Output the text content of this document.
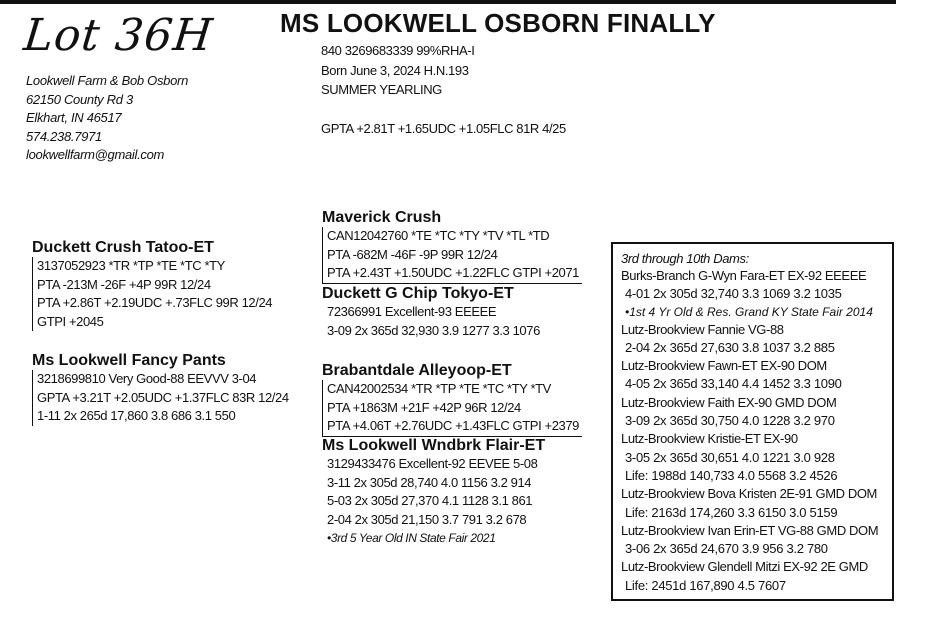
Lot 36H
Lookwell Farm & Bob Osborn
62150 County Rd 3
Elkhart, IN 46517
574.238.7971
lookwellfarm@gmail.com
MS LOOKWELL OSBORN FINALLY
840 3269683339 99%RHA-I
Born June 3, 2024 H.N.193
SUMMER YEARLING
GPTA +2.81T +1.65UDC +1.05FLC 81R 4/25
Duckett Crush Tatoo-ET
3137052923 *TR *TP *TE *TC *TY
PTA -213M -26F +4P 99R 12/24
PTA +2.86T +2.19UDC +.73FLC 99R 12/24
GTPI +2045
Ms Lookwell Fancy Pants
3218699810 Very Good-88 EEVVV 3-04
GPTA +3.21T +2.05UDC +1.37FLC 83R 12/24
1-11 2x 265d 17,860 3.8 686 3.1 550
Maverick Crush
CAN12042760 *TE *TC *TY *TV *TL *TD
PTA -682M -46F -9P 99R 12/24
PTA +2.43T +1.50UDC +1.22FLC GTPI +2071
Duckett G Chip Tokyo-ET
72366991 Excellent-93 EEEEE
3-09 2x 365d 32,930 3.9 1277 3.3 1076
Brabantdale Alleyoop-ET
CAN42002534 *TR *TP *TE *TC *TY *TV
PTA +1863M +21F +42P 96R 12/24
PTA +4.06T +2.76UDC +1.43FLC GTPI +2379
Ms Lookwell Wndbrk Flair-ET
3129433476 Excellent-92 EEVEE 5-08
3-11 2x 305d 28,740 4.0 1156 3.2 914
5-03 2x 305d 27,370 4.1 1128 3.1 861
2-04 2x 305d 21,150 3.7 791 3.2 678
•3rd 5 Year Old IN State Fair 2021
3rd through 10th Dams:
Burks-Branch G-Wyn Fara-ET EX-92 EEEEE
4-01 2x 305d 32,740 3.3 1069 3.2 1035
•1st 4 Yr Old & Res. Grand KY State Fair 2014
Lutz-Brookview Fannie VG-88
2-04 2x 365d 27,630 3.8 1037 3.2 885
Lutz-Brookview Fawn-ET EX-90 DOM
4-05 2x 365d 33,140 4.4 1452 3.3 1090
Lutz-Brookview Faith EX-90 GMD DOM
3-09 2x 365d 30,750 4.0 1228 3.2 970
Lutz-Brookview Kristie-ET EX-90
3-05 2x 365d 30,651 4.0 1221 3.0 928
Life: 1988d 140,733 4.0 5568 3.2 4526
Lutz-Brookview Bova Kristen 2E-91 GMD DOM
Life: 2163d 174,260 3.3 6150 3.0 5159
Lutz-Brookview Ivan Erin-ET VG-88 GMD DOM
3-06 2x 365d 24,670 3.9 956 3.2 780
Lutz-Brookview Glendell Mitzi EX-92 2E GMD
Life: 2451d 167,890 4.5 7607
